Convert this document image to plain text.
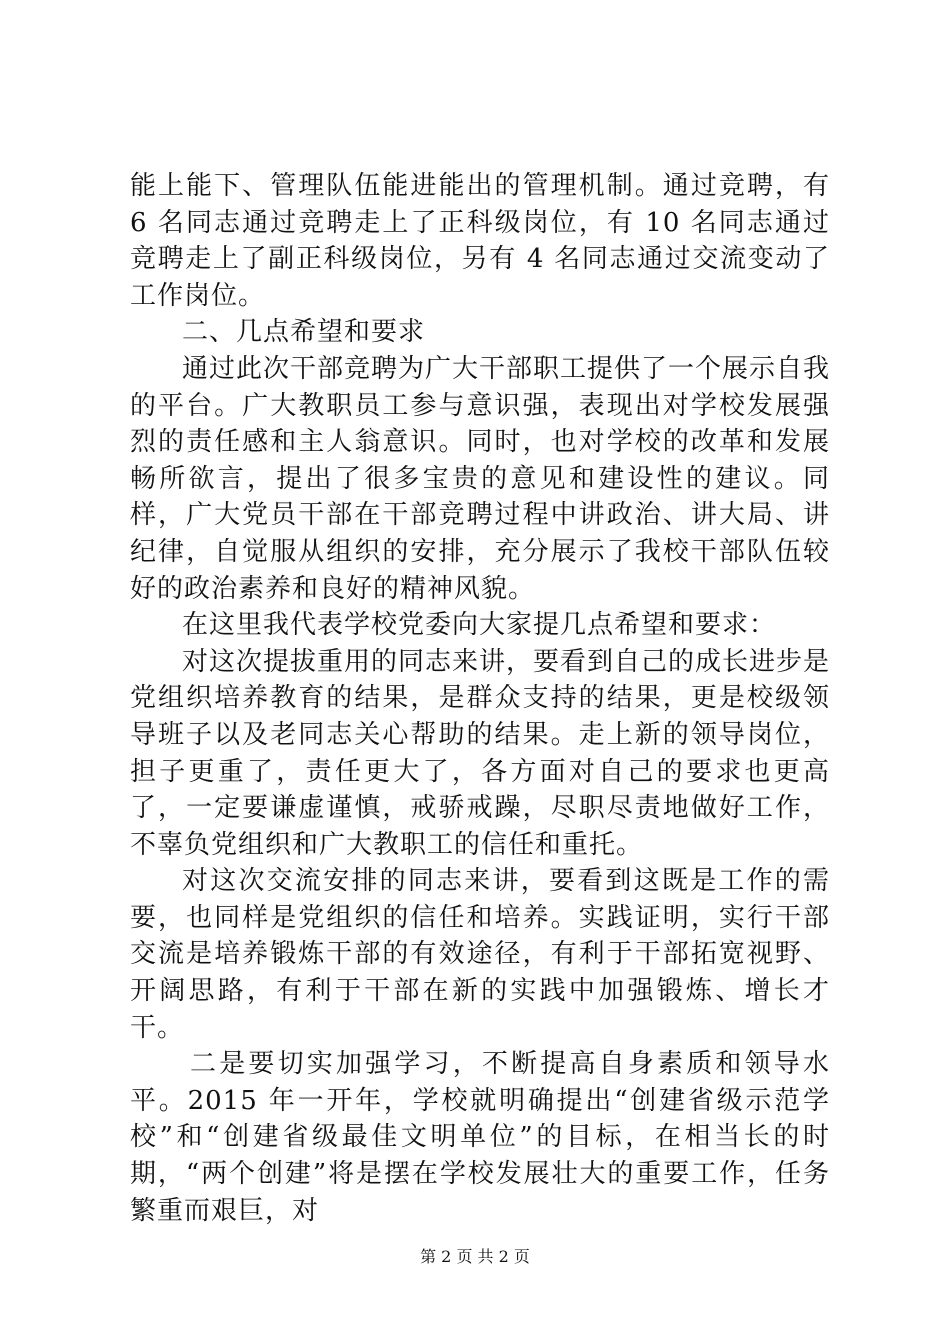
能上能下、管理队伍能进能出的管理机制。通过竞聘，有 6 名同志通过竞聘走上了正科级岗位，有 10 名同志通过竞聘走上了副正科级岗位，另有 4 名同志通过交流变动了工作岗位。

二、几点希望和要求

通过此次干部竞聘为广大干部职工提供了一个展示自我的平台。广大教职员工参与意识强，表现出对学校发展强烈的责任感和主人翁意识。同时，也对学校的改革和发展畅所欲言，提出了很多宝贵的意见和建设性的建议。同样，广大党员干部在干部竞聘过程中讲政治、讲大局、讲纪律，自觉服从组织的安排，充分展示了我校干部队伍较好的政治素养和良好的精神风貌。

在这里我代表学校党委向大家提几点希望和要求：

对这次提拔重用的同志来讲，要看到自己的成长进步是党组织培养教育的结果，是群众支持的结果，更是校级领导班子以及老同志关心帮助的结果。走上新的领导岗位，担子更重了，责任更大了，各方面对自己的要求也更高了，一定要谦虚谨慎，戒骄戒躁，尽职尽责地做好工作，不辜负党组织和广大教职工的信任和重托。

对这次交流安排的同志来讲，要看到这既是工作的需要，也同样是党组织的信任和培养。实践证明，实行干部交流是培养锻炼干部的有效途径，有利于干部拓宽视野、开阔思路，有利于干部在新的实践中加强锻炼、增长才干。

二是要切实加强学习，不断提高自身素质和领导水平。2015 年一开年，学校就明确提出“创建省级示范学校”和“创建省级最佳文明单位”的目标，在相当长的时期，“两个创建”将是摆在学校发展壮大的重要工作，任务繁重而艰巨，对

第 2 页 共 2 页
